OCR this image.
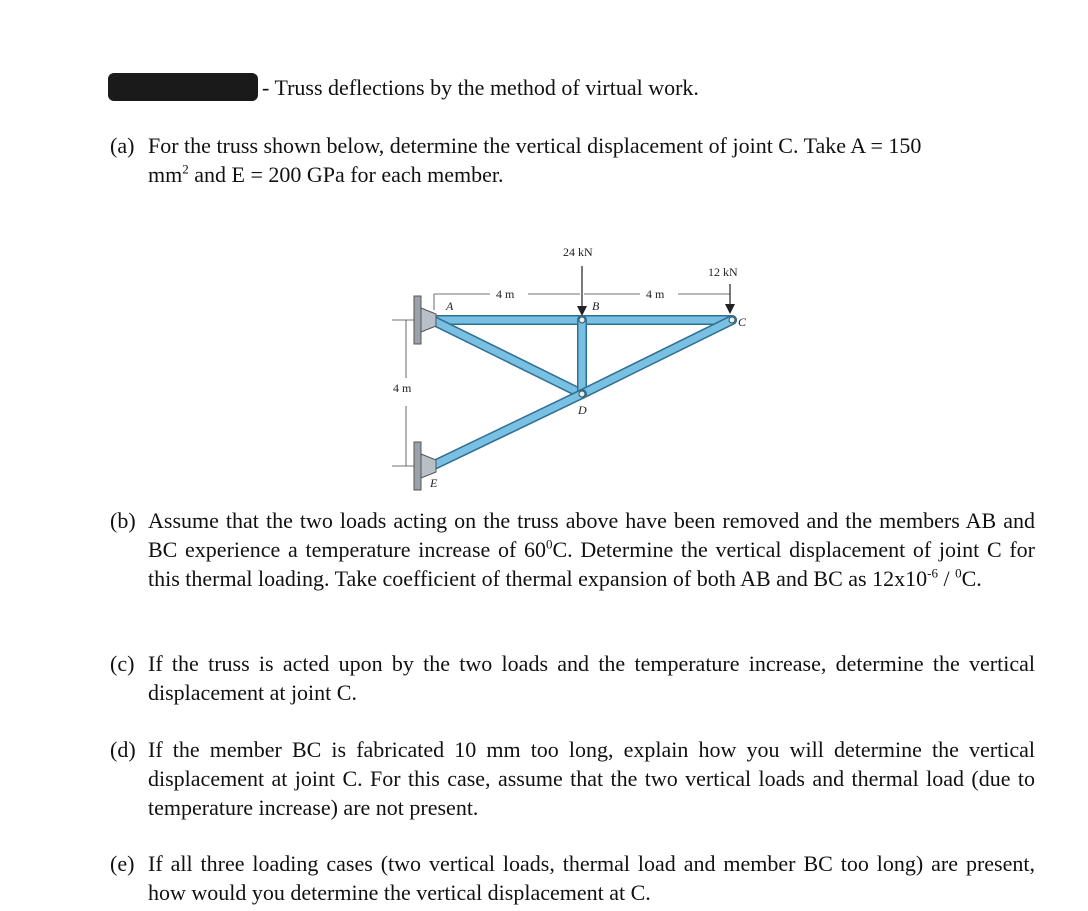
- Truss deflections by the method of virtual work.
(a) For the truss shown below, determine the vertical displacement of joint C. Take A = 150
$mm^2$ and E = 200 GPa for each member.
4 m
4 m	4 m
24 kN
12 kN
A	B
C
D
E
(b) Assume that the two loads acting on the truss above have been removed and the members AB and BC experience a temperature increase of $60^0C$. Determine the vertical displacement of joint C for this thermal loading. Take coefficient of thermal expansion of both AB and BC as $12x10^{-6} / ^0C$.
(c) If the truss is acted upon by the two loads and the temperature increase, determine the vertical displacement at joint C.
(d) If the member BC is fabricated 10 mm too long, explain how you will determine the vertical displacement at joint C. For this case, assume that the two vertical loads and thermal load (due to temperature increase) are not present.
(e) If all three loading cases (two vertical loads, thermal load and member BC too long) are present, how would you determine the vertical displacement at C.
